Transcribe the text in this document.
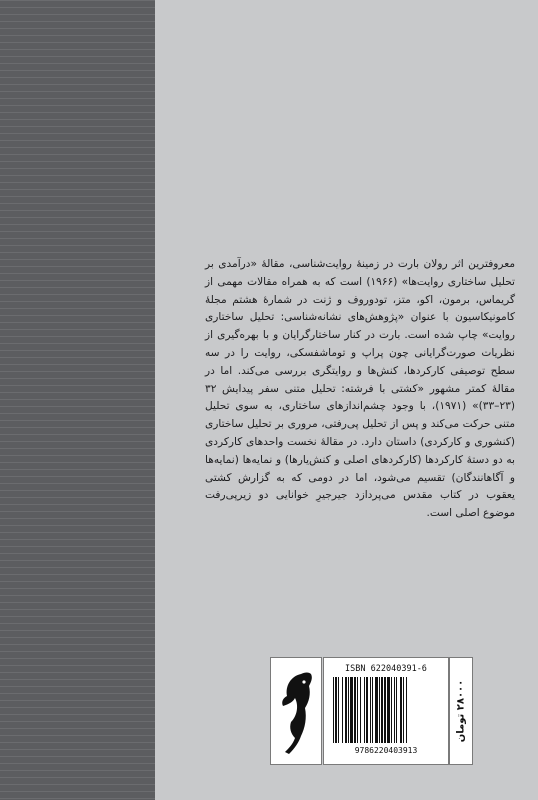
معروفترین اثر رولان بارت در زمینهٔ روایت‌شناسی، مقالهٔ «درآمدی بر تحلیل ساختاری روایت‌ها» (۱۹۶۶) است که به همراه مقالات مهمی از گریماس، برمون، اکو، متز، تودوروف و ژنت در شمارهٔ هشتم مجلهٔ کامونیکاسیون با عنوان «پژوهش‌های نشانه‌شناسی: تحلیل ساختاری روایت» چاپ شده است. بارت در کنار ساختارگرایان و با بهره‌گیری از نظریات صورت‌گرایانی چون پراپ و توماشفسکی، روایت را در سه سطح توصیفی کارکردها، کنش‌ها و روایتگری بررسی می‌کند. اما در مقالهٔ کمتر مشهور «کشتی با فرشته: تحلیل متنی سفر پیدایش ۳۲ (۲۳–۳۳)» (۱۹۷۱)، با وجود چشم‌اندازهای ساختاری، به سوی تحلیل متنی حرکت می‌کند و پس از تحلیل پی‌رفتی، مروری بر تحلیل ساختاری (کنشوری و کارکردی) داستان دارد. در مقالهٔ نخست واحدهای کارکردی به دو دستهٔ کارکردها (کارکردهای اصلی و کنش‌یارها) و نمایه‌ها (نمایه‌ها و آگاهانندگان) تقسیم می‌شود، اما در دومی که به گزارش کشتی یعقوب در کتاب مقدس می‌پردازد جیرجیرِ خوانایی دو زیرپی‌رفت موضوع اصلی است.

ISBN 622040391-6
9786220403913
۲۸۰۰۰ تومان
